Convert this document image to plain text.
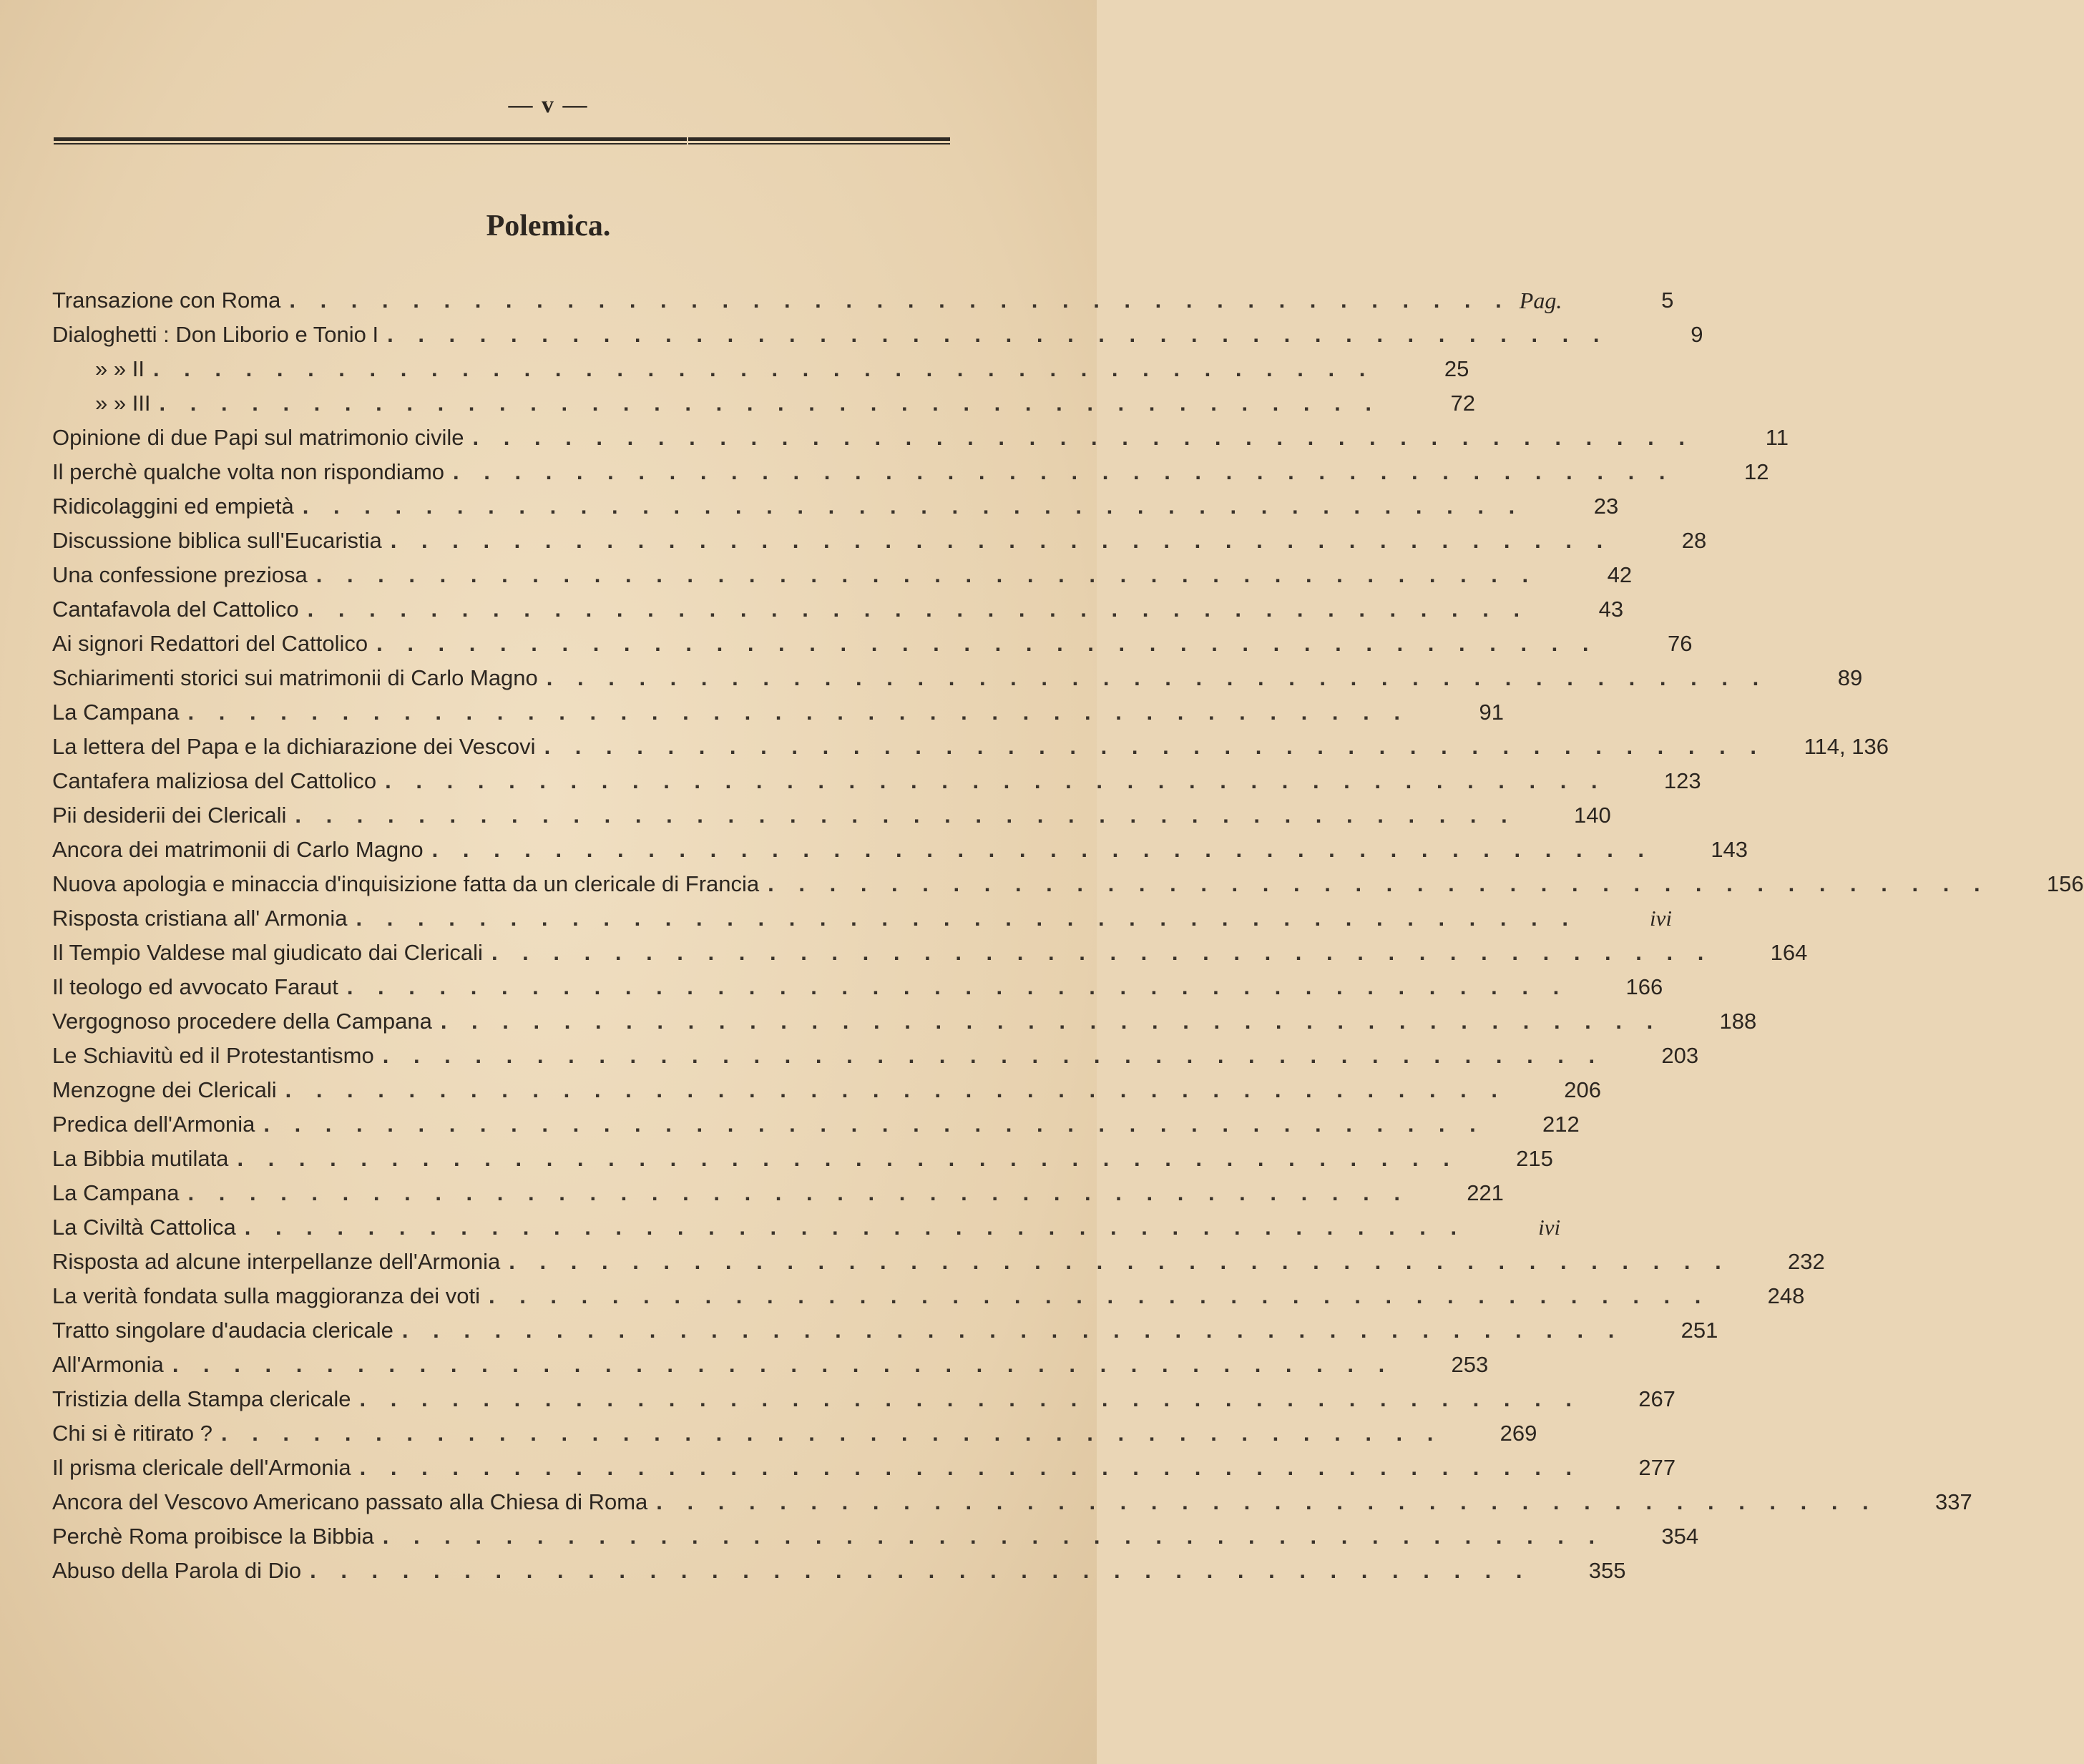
— v —
Polemica.
Transazione con Roma . . . . . . . . . . . . . . . . . . . . . . . . . . . . . . . . . . . . . . . . Pag.	5
Dialoghetti : Don Liborio e Tonio I . . . . . . . . . . . . . . . . . . . . . . . . . . . . . . . . . . . . . . . .	9
» » II . . . . . . . . . . . . . . . . . . . . . . . . . . . . . . . . . . . . . . . .	25
» » III . . . . . . . . . . . . . . . . . . . . . . . . . . . . . . . . . . . . . . . .	72
Opinione di due Papi sul matrimonio civile . . . . . . . . . . . . . . . . . . . . . . . . . . . . . . . . . . . . . . . .	11
Il perchè qualche volta non rispondiamo . . . . . . . . . . . . . . . . . . . . . . . . . . . . . . . . . . . . . . . .	12
Ridicolaggini ed empietà . . . . . . . . . . . . . . . . . . . . . . . . . . . . . . . . . . . . . . . .	23
Discussione biblica sull'Eucaristia . . . . . . . . . . . . . . . . . . . . . . . . . . . . . . . . . . . . . . . .	28
Una confessione preziosa . . . . . . . . . . . . . . . . . . . . . . . . . . . . . . . . . . . . . . . .	42
Cantafavola del Cattolico . . . . . . . . . . . . . . . . . . . . . . . . . . . . . . . . . . . . . . . .	43
Ai signori Redattori del Cattolico . . . . . . . . . . . . . . . . . . . . . . . . . . . . . . . . . . . . . . . .	76
Schiarimenti storici sui matrimonii di Carlo Magno . . . . . . . . . . . . . . . . . . . . . . . . . . . . . . . . . . . . . . . .	89
La Campana . . . . . . . . . . . . . . . . . . . . . . . . . . . . . . . . . . . . . . . .	91
La lettera del Papa e la dichiarazione dei Vescovi . . . . . . . . . . . . . . . . . . . . . . . . . . . . . . . . . . . . . . . .	114, 136
Cantafera maliziosa del Cattolico . . . . . . . . . . . . . . . . . . . . . . . . . . . . . . . . . . . . . . . .	123
Pii desiderii dei Clericali . . . . . . . . . . . . . . . . . . . . . . . . . . . . . . . . . . . . . . . .	140
Ancora dei matrimonii di Carlo Magno . . . . . . . . . . . . . . . . . . . . . . . . . . . . . . . . . . . . . . . .	143
Nuova apologia e minaccia d'inquisizione fatta da un clericale di Francia . . . . . . . . . . . . . . . . . . . . . . . . . . . . . . . . . . . . . . . .	156
Risposta cristiana all' Armonia . . . . . . . . . . . . . . . . . . . . . . . . . . . . . . . . . . . . . . . .	ivi
Il Tempio Valdese mal giudicato dai Clericali . . . . . . . . . . . . . . . . . . . . . . . . . . . . . . . . . . . . . . . .	164
Il teologo ed avvocato Faraut . . . . . . . . . . . . . . . . . . . . . . . . . . . . . . . . . . . . . . . .	166
Vergognoso procedere della Campana . . . . . . . . . . . . . . . . . . . . . . . . . . . . . . . . . . . . . . . .	188
Le Schiavitù ed il Protestantismo . . . . . . . . . . . . . . . . . . . . . . . . . . . . . . . . . . . . . . . .	203
Menzogne dei Clericali . . . . . . . . . . . . . . . . . . . . . . . . . . . . . . . . . . . . . . . .	206
Predica dell'Armonia . . . . . . . . . . . . . . . . . . . . . . . . . . . . . . . . . . . . . . . .	212
La Bibbia mutilata . . . . . . . . . . . . . . . . . . . . . . . . . . . . . . . . . . . . . . . .	215
La Campana . . . . . . . . . . . . . . . . . . . . . . . . . . . . . . . . . . . . . . . .	221
La Civiltà Cattolica . . . . . . . . . . . . . . . . . . . . . . . . . . . . . . . . . . . . . . . .	ivi
Risposta ad alcune interpellanze dell'Armonia . . . . . . . . . . . . . . . . . . . . . . . . . . . . . . . . . . . . . . . .	232
La verità fondata sulla maggioranza dei voti . . . . . . . . . . . . . . . . . . . . . . . . . . . . . . . . . . . . . . . .	248
Tratto singolare d'audacia clericale . . . . . . . . . . . . . . . . . . . . . . . . . . . . . . . . . . . . . . . .	251
All'Armonia . . . . . . . . . . . . . . . . . . . . . . . . . . . . . . . . . . . . . . . .	253
Tristizia della Stampa clericale . . . . . . . . . . . . . . . . . . . . . . . . . . . . . . . . . . . . . . . .	267
Chi si è ritirato ? . . . . . . . . . . . . . . . . . . . . . . . . . . . . . . . . . . . . . . . .	269
Il prisma clericale dell'Armonia . . . . . . . . . . . . . . . . . . . . . . . . . . . . . . . . . . . . . . . .	277
Ancora del Vescovo Americano passato alla Chiesa di Roma . . . . . . . . . . . . . . . . . . . . . . . . . . . . . . . . . . . . . . . .	337
Perchè Roma proibisce la Bibbia . . . . . . . . . . . . . . . . . . . . . . . . . . . . . . . . . . . . . . . .	354
Abuso della Parola di Dio . . . . . . . . . . . . . . . . . . . . . . . . . . . . . . . . . . . . . . . .	355
